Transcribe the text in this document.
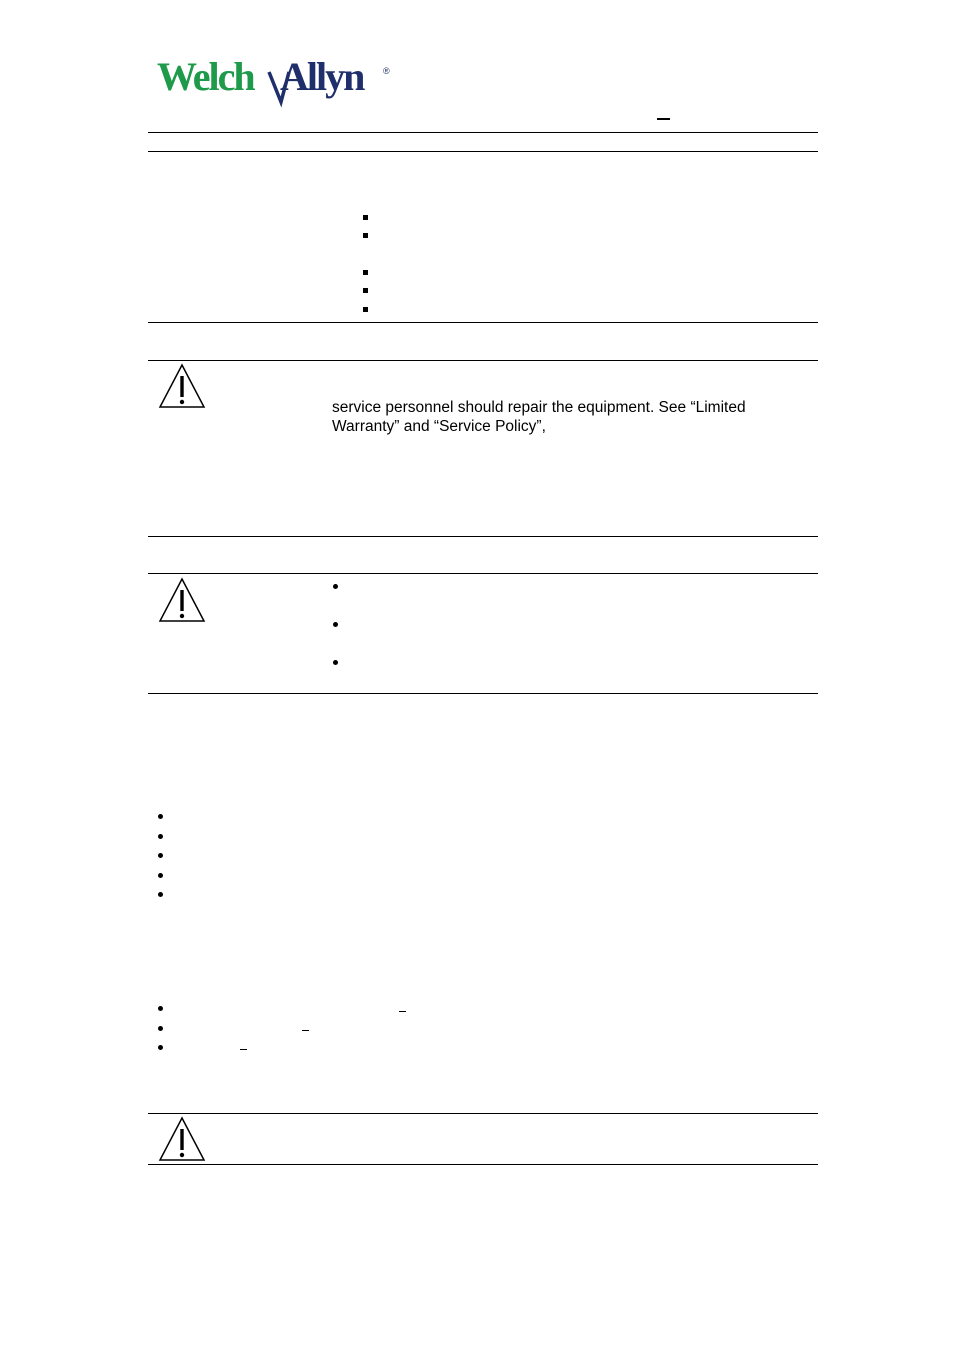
Welch Allyn ®
service personnel should repair the equipment. See “Limited
Warranty” and “Service Policy”,
